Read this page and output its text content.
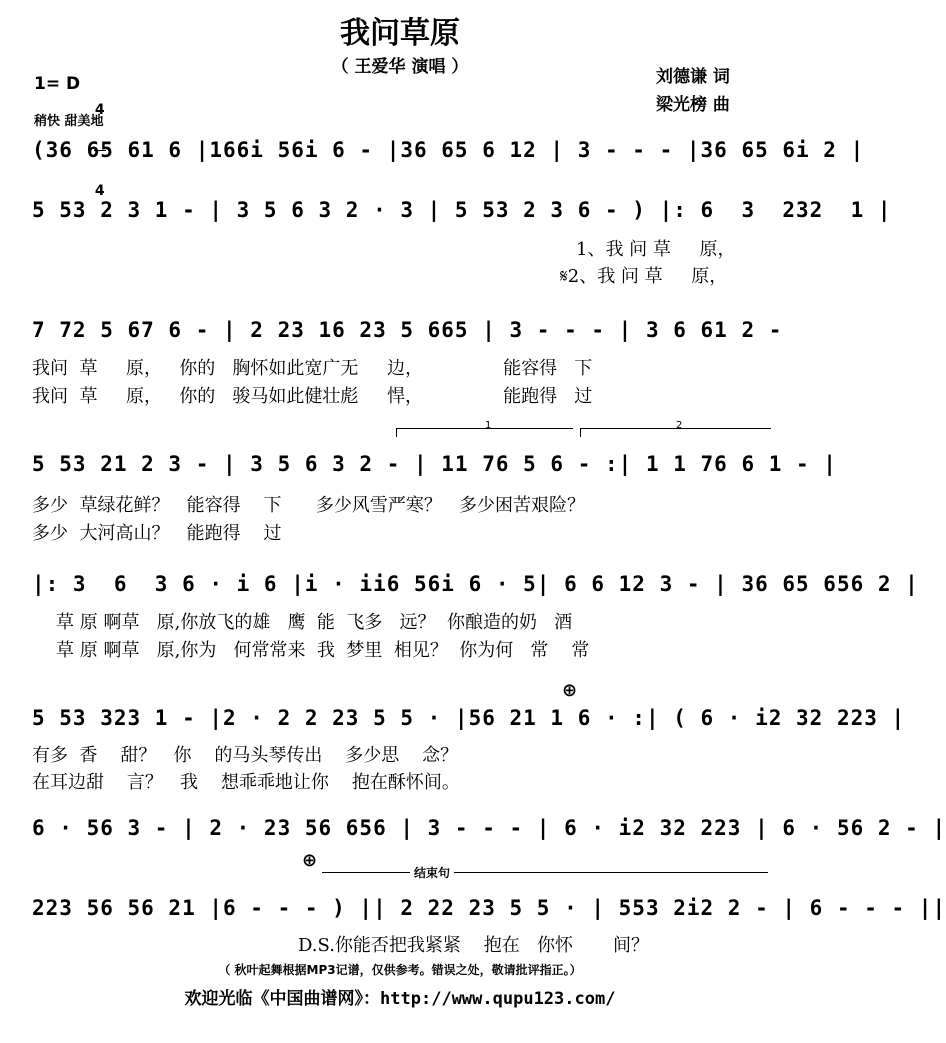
我问草原
（ 王爱华 演唱 ）	刘德谦 词
梁光榜 曲
1= D

4

4

稍快 甜美地
(36 65 61 6 |166i 56i 6 - |36 65 6 12 | 3 - - - |36 65 6i 2 |
5 53 2 3 1 - | 3 5 6 3 2 · 3 | 5 53 2 3 6 - ) |: 6  3  232  1 |
1、我 问 草     原，
𝄋2、我 问 草     原，
7 72 5 67 6 - | 2 23 16 23 5 665 | 3 - - - | 3 6 61 2 -
我问  草     原，   你的   胸怀如此宽广无     边，              能容得   下
我问  草     原，   你的   骏马如此健壮彪     悍，              能跑得   过

1

	2

5 53 21 2 3 - | 3 5 6 3 2 - | 11 76 5 6 - :| 1 1 76 6 1 - |
多少  草绿花鲜？   能容得    下      多少风雪严寒？   多少困苦艰险？
多少  大河高山？   能跑得    过
|: 3  6  3 6 · i 6 |i · ii6 56i 6 · 5| 6 6 12 3 - | 36 65 656 2 |
草 原 啊草   原,你放飞的雄   鹰  能  飞多   远？  你酿造的奶   酒
草 原 啊草   原,你为   何常常来  我  梦里  相见？  你为何   常    常
⊕
5 53 323 1 - |2 · 2 2 23 5 5 · |56 21 1 6 · :| ( 6 · i2 32 223 |
有多  香    甜？   你    的马头琴传出    多少思    念？
在耳边甜    言？   我    想乖乖地让你    抱在酥怀间。
6 · 56 3 - | 2 · 23 56 656 | 3 - - - | 6 · i2 32 223 | 6 · 56 2 - |
⊕
结束句
223 56 56 21 |6 - - - ) || 2 22 23 5 5 · | 553 2i2 2 - | 6 - - - ||
D.S.你能否把我紧紧    抱在   你怀       间？
（ 秋叶起舞根据MP3记谱，仅供参考。错误之处，敬请批评指正。）
欢迎光临《中国曲谱网》：http://www.qupu123.com/
